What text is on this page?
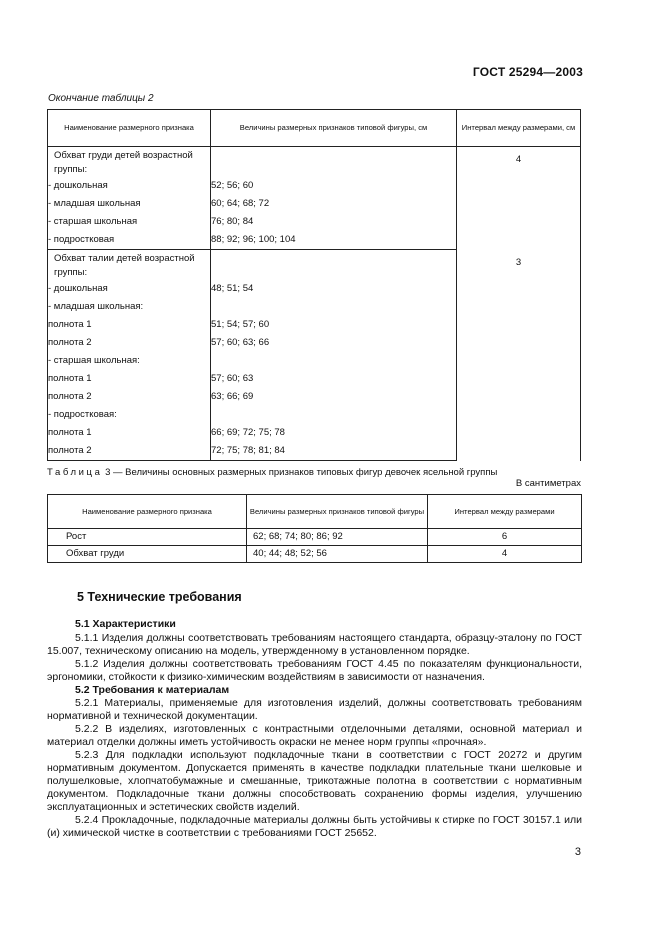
ГОСТ 25294—2003
Окончание таблицы 2
Наименование размерного признака	Величины размерных признаков типовой фигуры, см	Интервал между размерами, см
Обхват груди детей возрастной группы:		4
- дошкольная	52; 56; 60	
- младшая школьная	60; 64; 68; 72	
- старшая школьная	76; 80; 84	
- подростковая	88; 92; 96; 100; 104	
Обхват талии детей возрастной группы:		3
- дошкольная	48; 51; 54	
- младшая школьная:		
полнота 1	51; 54; 57; 60	
полнота 2	57; 60; 63; 66	
- старшая школьная:		
полнота 1	57; 60; 63	
полнота 2	63; 66; 69	
- подростковая:		
полнота 1	66; 69; 72; 75; 78	
полнота 2	72; 75; 78; 81; 84	
Таблица 3 — Величины основных размерных признаков типовых фигур девочек ясельной группы
В сантиметрах
Наименование размерного признака	Величины размерных признаков типовой фигуры	Интервал между размерами
Рост	62; 68; 74; 80; 86; 92	6
Обхват груди	40; 44; 48; 52; 56	4
5 Технические требования
5.1 Характеристики
5.1.1 Изделия должны соответствовать требованиям настоящего стандарта, образцу-эталону по ГОСТ 15.007, техническому описанию на модель, утвержденному в установленном порядке.
5.1.2 Изделия должны соответствовать требованиям ГОСТ 4.45 по показателям функциональности, эргономики, стойкости к физико-химическим воздействиям в зависимости от назначения.
5.2 Требования к материалам
5.2.1 Материалы, применяемые для изготовления изделий, должны соответствовать требованиям нормативной и технической документации.
5.2.2 В изделиях, изготовленных с контрастными отделочными деталями, основной материал и материал отделки должны иметь устойчивость окраски не менее норм группы «прочная».
5.2.3 Для подкладки используют подкладочные ткани в соответствии с ГОСТ 20272 и другим нормативным документом. Допускается применять в качестве подкладки плательные ткани шелковые и полушелковые, хлопчатобумажные и смешанные, трикотажные полотна в соответствии с нормативным документом. Подкладочные ткани должны способствовать сохранению формы изделия, улучшению эксплуатационных и эстетических свойств изделий.
5.2.4 Прокладочные, подкладочные материалы должны быть устойчивы к стирке по ГОСТ 30157.1 или (и) химической чистке в соответствии с требованиями ГОСТ 25652.
3
